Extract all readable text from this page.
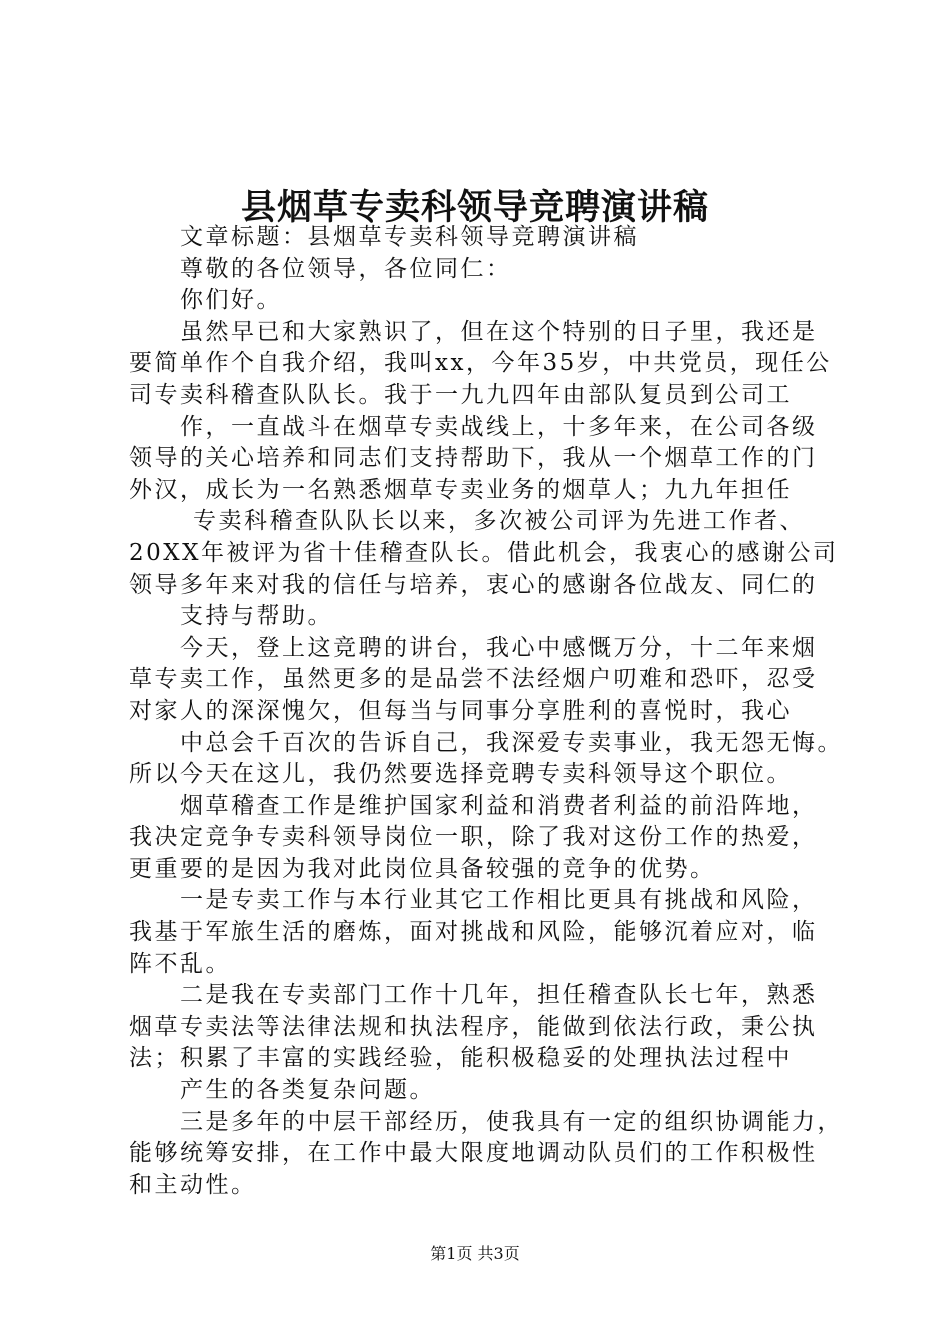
县烟草专卖科领导竞聘演讲稿
文章标题：县烟草专卖科领导竞聘演讲稿
尊敬的各位领导，各位同仁：
你们好。
虽然早已和大家熟识了，但在这个特别的日子里，我还是
要简单作个自我介绍，我叫xx，今年35岁，中共党员，现任公
司专卖科稽查队队长。我于一九九四年由部队复员到公司工
作，一直战斗在烟草专卖战线上，十多年来，在公司各级
领导的关心培养和同志们支持帮助下，我从一个烟草工作的门
外汉，成长为一名熟悉烟草专卖业务的烟草人；九九年担任
专卖科稽查队队长以来，多次被公司评为先进工作者、
20XX年被评为省十佳稽查队长。借此机会，我衷心的感谢公司
领导多年来对我的信任与培养，衷心的感谢各位战友、同仁的
支持与帮助。
今天，登上这竞聘的讲台，我心中感慨万分，十二年来烟
草专卖工作，虽然更多的是品尝不法经烟户叨难和恐吓，忍受
对家人的深深愧欠，但每当与同事分享胜利的喜悦时，我心
中总会千百次的告诉自己，我深爱专卖事业，我无怨无悔。
所以今天在这儿，我仍然要选择竞聘专卖科领导这个职位。
烟草稽查工作是维护国家利益和消费者利益的前沿阵地，
我决定竞争专卖科领导岗位一职，除了我对这份工作的热爱，
更重要的是因为我对此岗位具备较强的竞争的优势。
一是专卖工作与本行业其它工作相比更具有挑战和风险，
我基于军旅生活的磨炼，面对挑战和风险，能够沉着应对，临
阵不乱。
二是我在专卖部门工作十几年，担任稽查队长七年，熟悉
烟草专卖法等法律法规和执法程序，能做到依法行政，秉公执
法；积累了丰富的实践经验，能积极稳妥的处理执法过程中
产生的各类复杂问题。
三是多年的中层干部经历，使我具有一定的组织协调能力，
能够统筹安排，在工作中最大限度地调动队员们的工作积极性
和主动性。
第1页 共3页
